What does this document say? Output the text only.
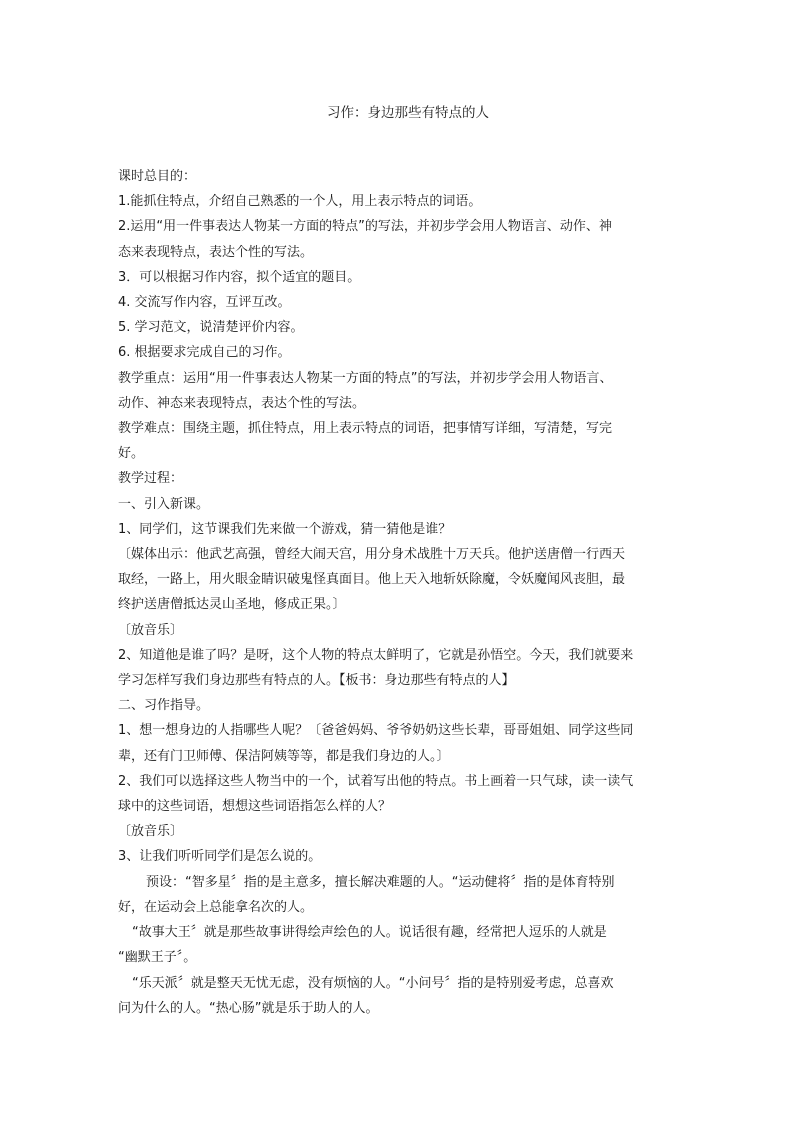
习作：身边那些有特点的人

课时总目的：

1.能抓住特点，介绍自己熟悉的一个人，用上表示特点的词语。

2.运用“用一件事表达人物某一方面的特点”的写法，并初步学会用人物语言、动作、神

态来表现特点，表达个性的写法。

3．可以根据习作内容，拟个适宜的题目。

4. 交流写作内容，互评互改。

5. 学习范文，说清楚评价内容。

6. 根据要求完成自己的习作。

教学重点：运用“用一件事表达人物某一方面的特点”的写法，并初步学会用人物语言、

动作、神态来表现特点，表达个性的写法。

教学难点：围绕主题，抓住特点，用上表示特点的词语，把事情写详细，写清楚，写完

好。

教学过程：

一、引入新课。

1、同学们，这节课我们先来做一个游戏，猜一猜他是谁？

〔媒体出示：他武艺高强，曾经大闹天宫，用分身术战胜十万天兵。他护送唐僧一行西天

取经，一路上，用火眼金睛识破鬼怪真面目。他上天入地斩妖除魔，令妖魔闻风丧胆，最

终护送唐僧抵达灵山圣地，修成正果。〕

〔放音乐〕

2、知道他是谁了吗？是呀，这个人物的特点太鲜明了，它就是孙悟空。今天，我们就要来

学习怎样写我们身边那些有特点的人。【板书：身边那些有特点的人】

二、习作指导。

1、想一想身边的人指哪些人呢？〔爸爸妈妈、爷爷奶奶这些长辈，哥哥姐姐、同学这些同

辈，还有门卫师傅、保洁阿姨等等，都是我们身边的人。〕

2、我们可以选择这些人物当中的一个，试着写出他的特点。书上画着一只气球，读一读气

球中的这些词语，想想这些词语指怎么样的人？

〔放音乐〕

3、让我们听听同学们是怎么说的。

预设：“智多星〞指的是主意多，擅长解决难题的人。“运动健将〞指的是体育特别

好，在运动会上总能拿名次的人。

“故事大王〞就是那些故事讲得绘声绘色的人。说话很有趣，经常把人逗乐的人就是

“幽默王子〞。

“乐天派〞就是整天无忧无虑，没有烦恼的人。“小问号〞指的是特别爱考虑，总喜欢

问为什么的人。“热心肠”就是乐于助人的人。
